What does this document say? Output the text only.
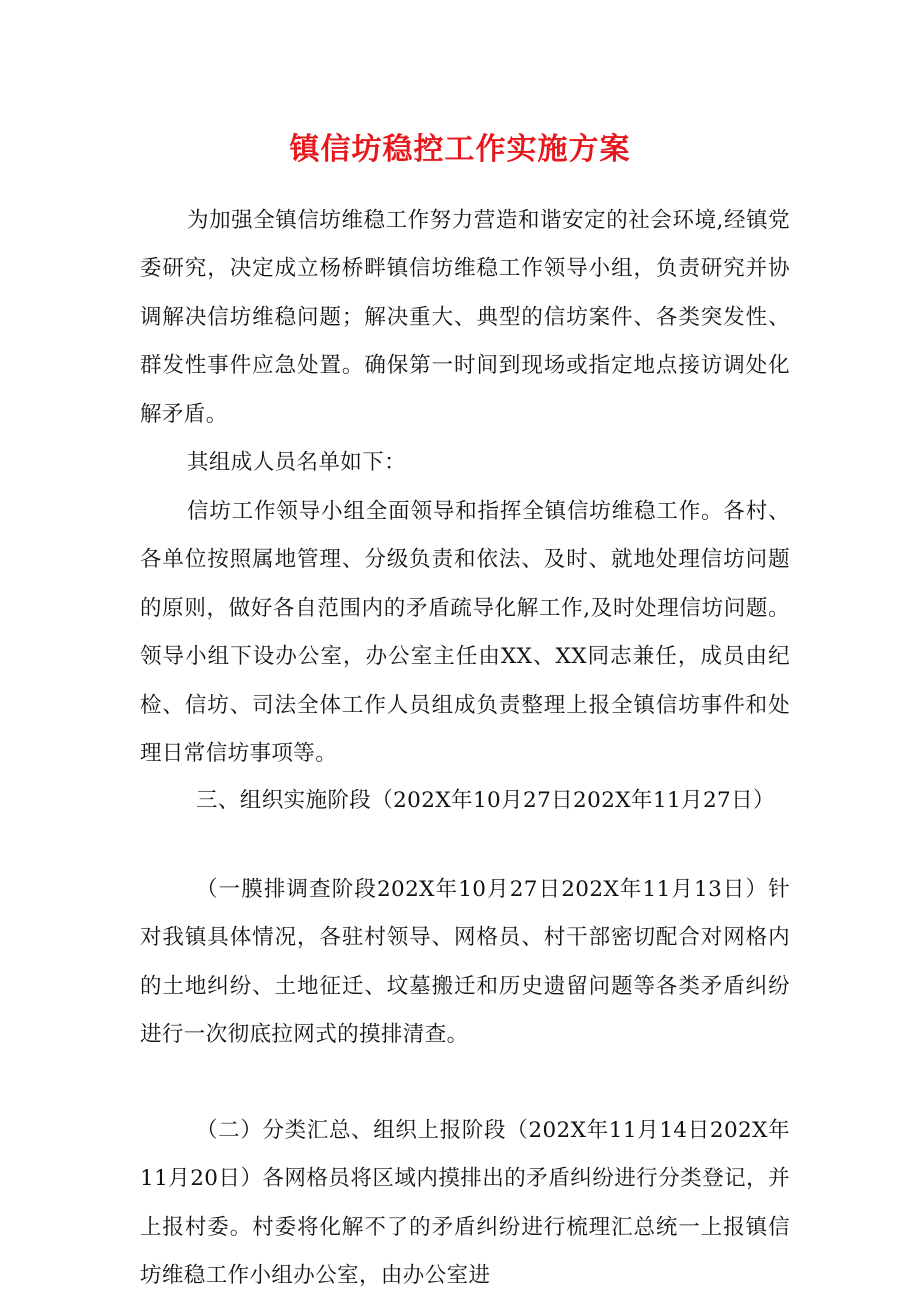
镇信坊稳控工作实施方案

为加强全镇信坊维稳工作努力营造和谐安定的社会环境,经镇党委研究，决定成立杨桥畔镇信坊维稳工作领导小组，负责研究并协调解决信坊维稳问题；解决重大、典型的信坊案件、各类突发性、群发性事件应急处置。确保第一时间到现场或指定地点接访调处化解矛盾。

其组成人员名单如下：

信坊工作领导小组全面领导和指挥全镇信坊维稳工作。各村、各单位按照属地管理、分级负责和依法、及时、就地处理信坊问题的原则，做好各自范围内的矛盾疏导化解工作,及时处理信坊问题。领导小组下设办公室，办公室主任由XX、XX同志兼任，成员由纪检、信坊、司法全体工作人员组成负责整理上报全镇信坊事件和处理日常信坊事项等。

三、组织实施阶段（202X年10月27日202X年11月27日）

（一膜排调查阶段202X年10月27日202X年11月13日）针对我镇具体情况，各驻村领导、网格员、村干部密切配合对网格内的土地纠纷、土地征迁、坟墓搬迁和历史遗留问题等各类矛盾纠纷进行一次彻底拉网式的摸排清查。

（二）分类汇总、组织上报阶段（202X年11月14日202X年11月20日）各网格员将区域内摸排出的矛盾纠纷进行分类登记，并上报村委。村委将化解不了的矛盾纠纷进行梳理汇总统一上报镇信坊维稳工作小组办公室，由办公室进
